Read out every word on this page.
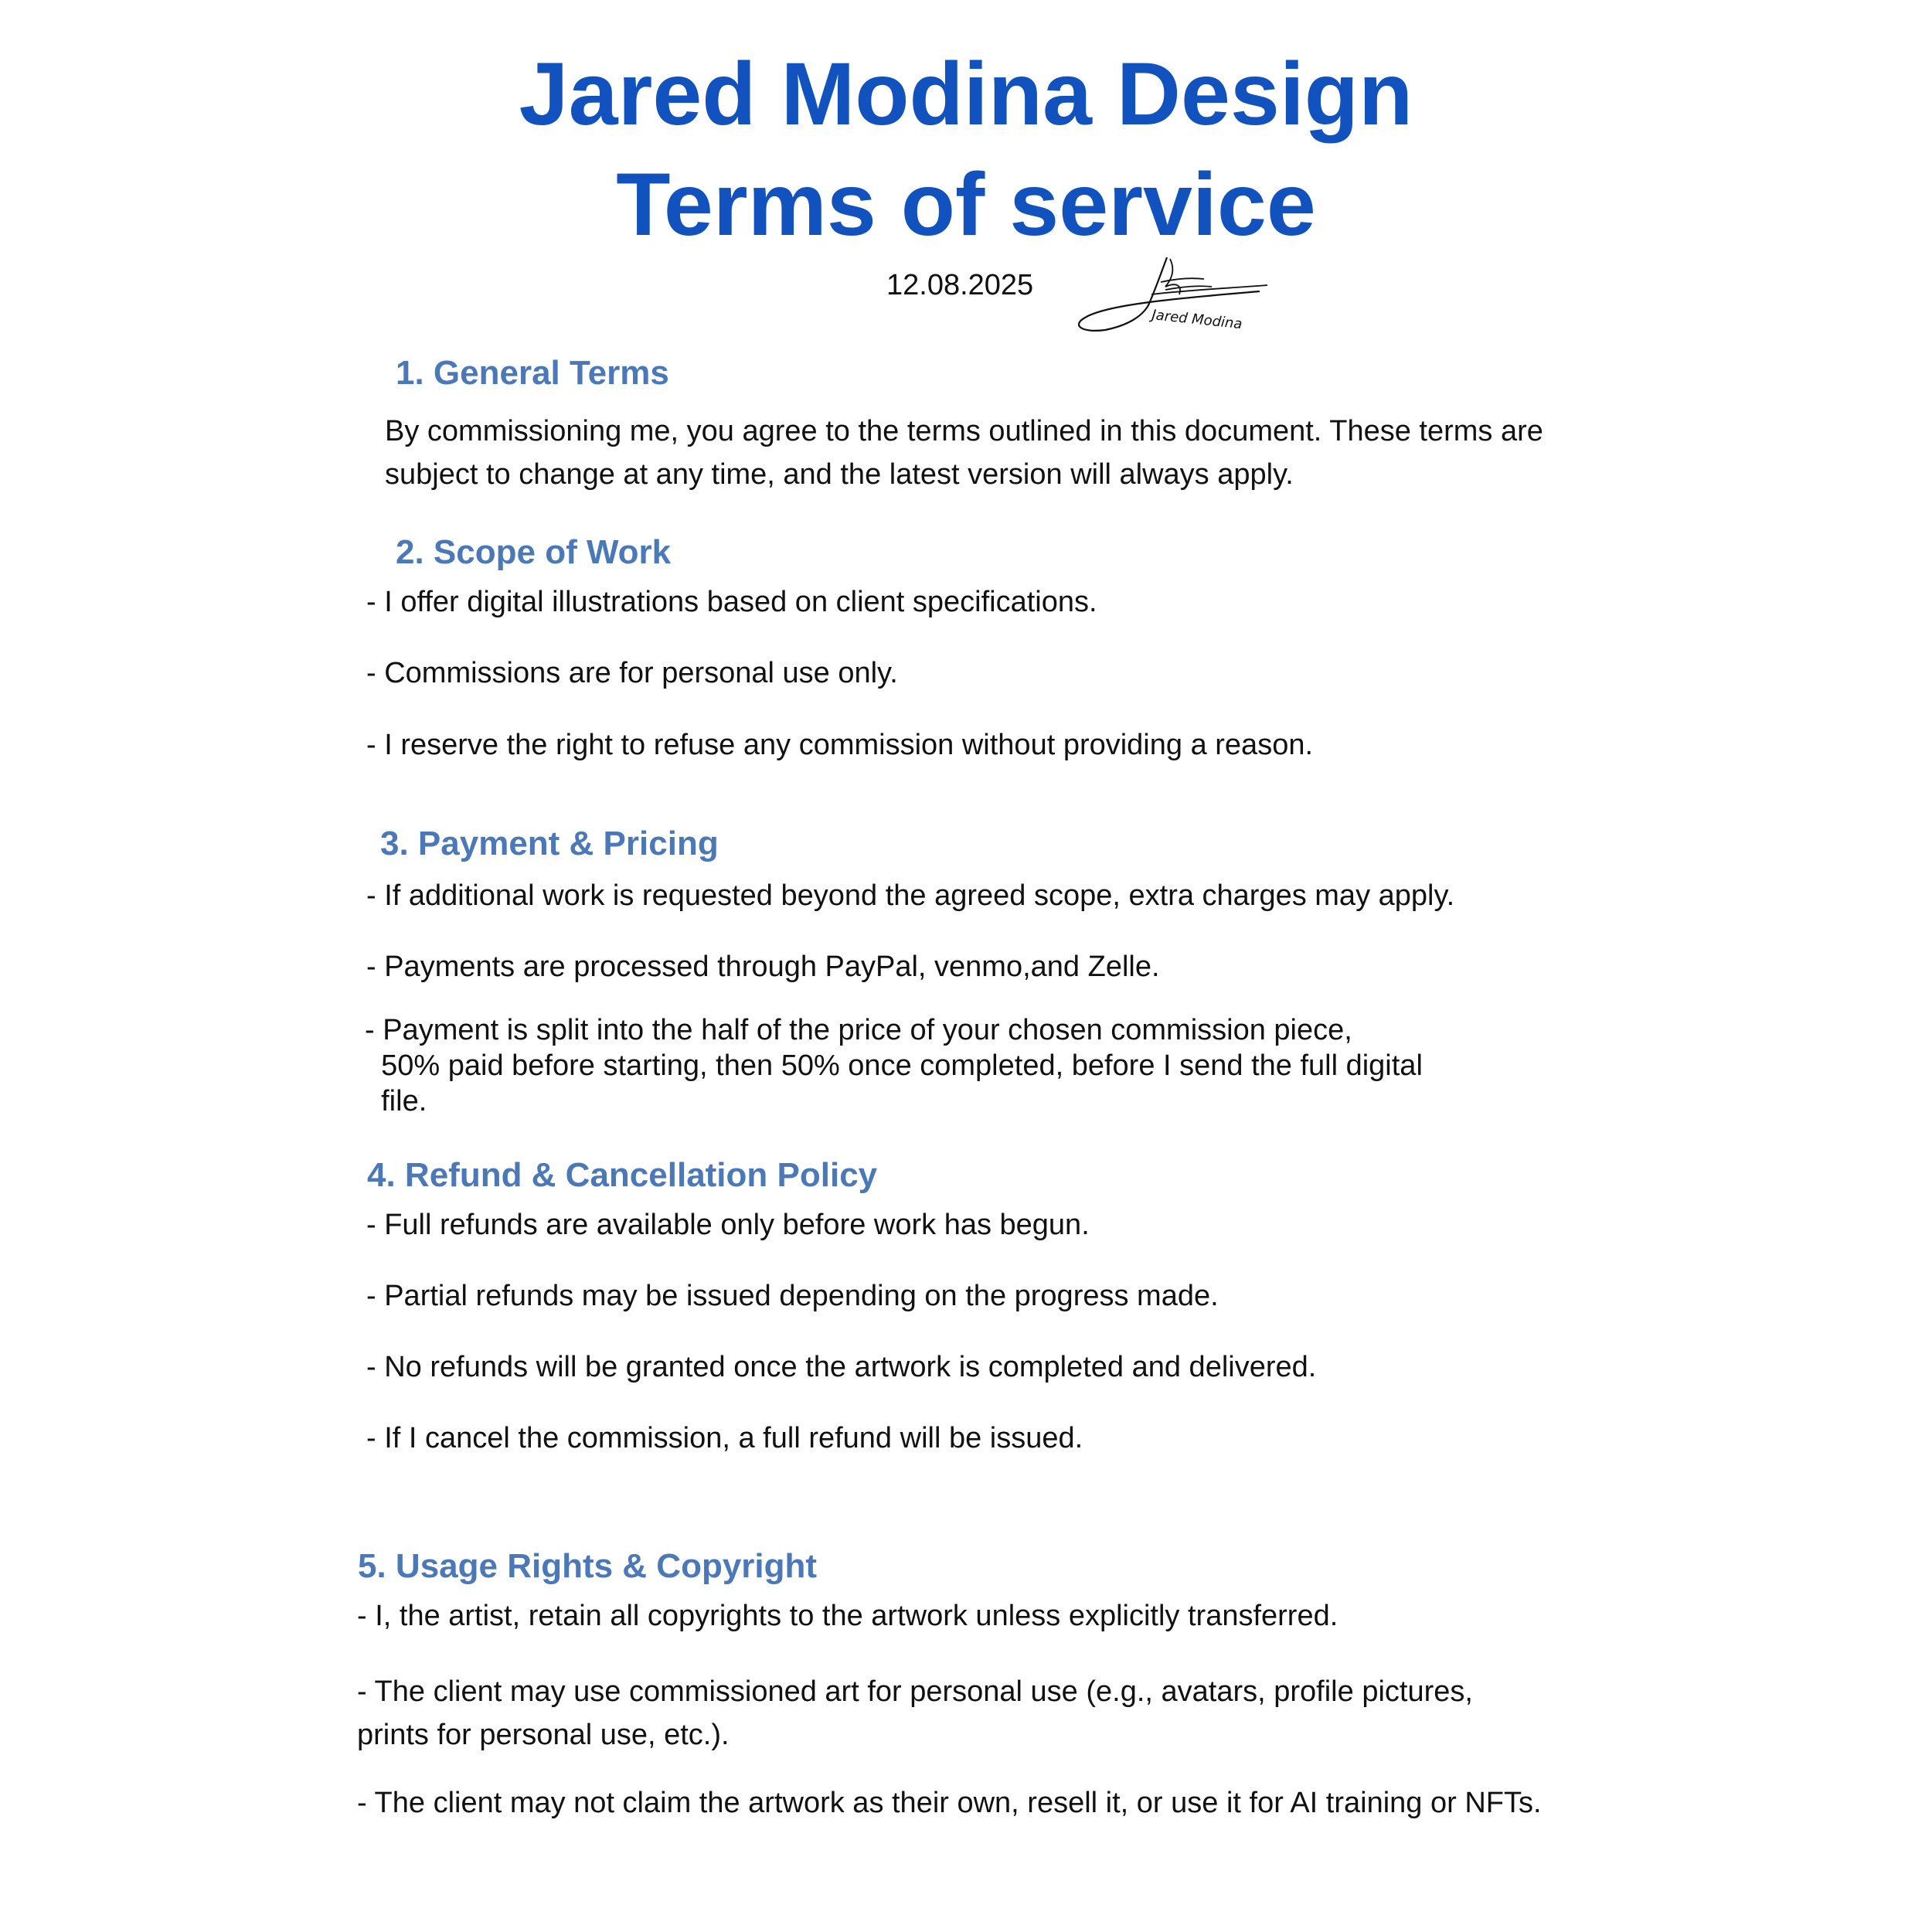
Jared Modina Design
Terms of service

12.08.2025

Jared Modina
1. General Terms

By commissioning me, you agree to the terms outlined in this document. These terms are
subject to change at any time, and the latest version will always apply.

2. Scope of Work

- I offer digital illustrations based on client specifications.

- Commissions are for personal use only.

- I reserve the right to refuse any commission without providing a reason.

3. Payment & Pricing

- If additional work is requested beyond the agreed scope, extra charges may apply.

- Payments are processed through PayPal, venmo,and Zelle.

- Payment is split into the half of the price of your chosen commission piece,
50% paid before starting, then 50% once completed, before I send the full digital
file.

4. Refund & Cancellation Policy

- Full refunds are available only before work has begun.

- Partial refunds may be issued depending on the progress made.

- No refunds will be granted once the artwork is completed and delivered.

- If I cancel the commission, a full refund will be issued.

5. Usage Rights & Copyright

- I, the artist, retain all copyrights to the artwork unless explicitly transferred.

- The client may use commissioned art for personal use (e.g., avatars, profile pictures,
prints for personal use, etc.).

- The client may not claim the artwork as their own, resell it, or use it for AI training or NFTs.
